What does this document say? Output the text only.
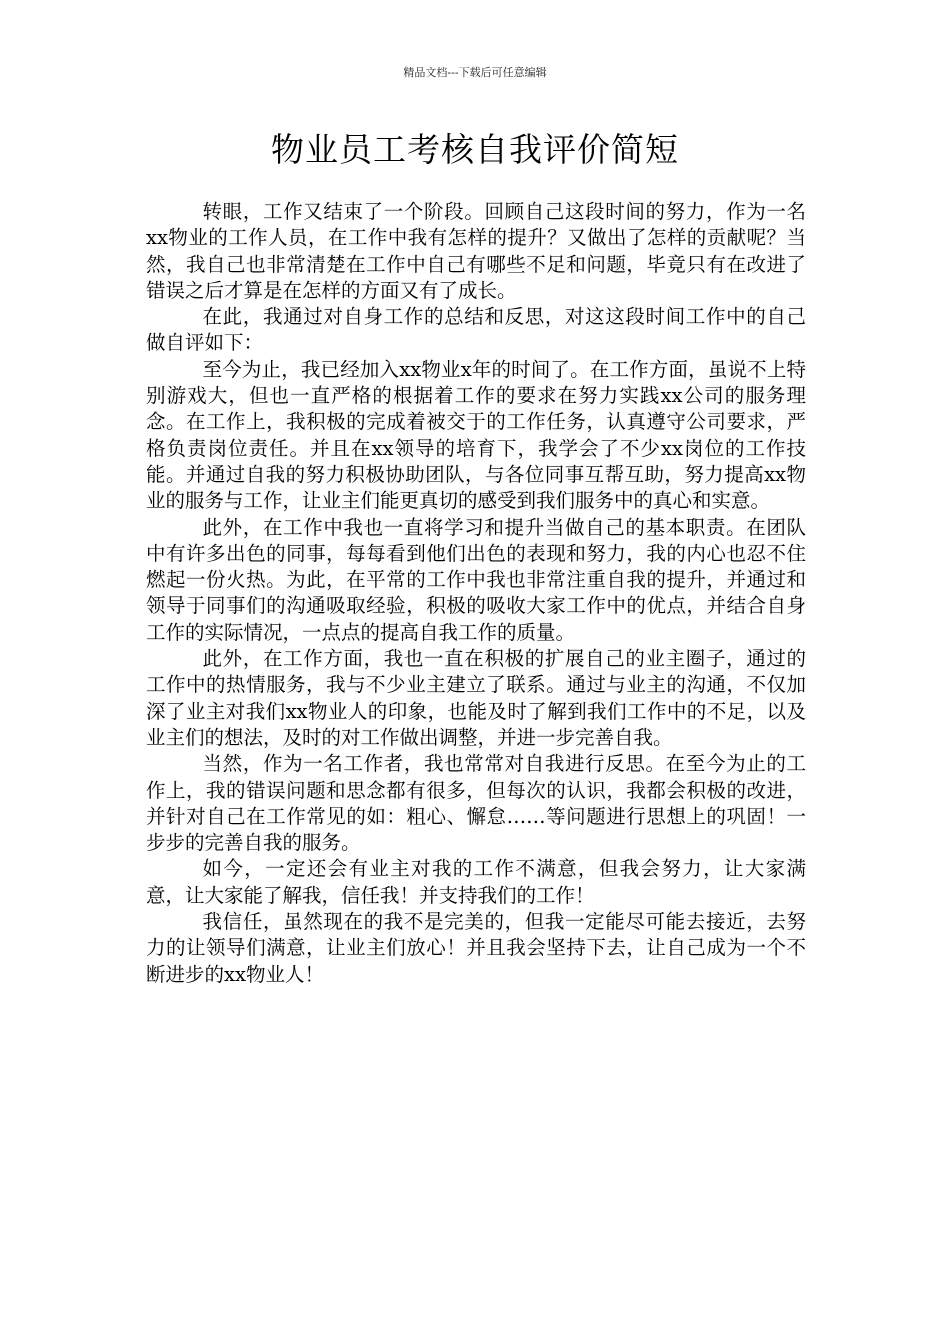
精品文档---下载后可任意编辑
物业员工考核自我评价简短

转眼，工作又结束了一个阶段。回顾自己这段时间的努力，作为一名xx物业的工作人员，在工作中我有怎样的提升？又做出了怎样的贡献呢？当然，我自己也非常清楚在工作中自己有哪些不足和问题，毕竟只有在改进了错误之后才算是在怎样的方面又有了成长。

在此，我通过对自身工作的总结和反思，对这这段时间工作中的自己做自评如下：

至今为止，我已经加入xx物业x年的时间了。在工作方面，虽说不上特别游戏大，但也一直严格的根据着工作的要求在努力实践xx公司的服务理念。在工作上，我积极的完成着被交于的工作任务，认真遵守公司要求，严格负责岗位责任。并且在xx领导的培育下，我学会了不少xx岗位的工作技能。并通过自我的努力积极协助团队，与各位同事互帮互助，努力提高xx物业的服务与工作，让业主们能更真切的感受到我们服务中的真心和实意。

此外，在工作中我也一直将学习和提升当做自己的基本职责。在团队中有许多出色的同事，每每看到他们出色的表现和努力，我的内心也忍不住燃起一份火热。为此，在平常的工作中我也非常注重自我的提升，并通过和领导于同事们的沟通吸取经验，积极的吸收大家工作中的优点，并结合自身工作的实际情况，一点点的提高自我工作的质量。

此外，在工作方面，我也一直在积极的扩展自己的业主圈子，通过的工作中的热情服务，我与不少业主建立了联系。通过与业主的沟通，不仅加深了业主对我们xx物业人的印象，也能及时了解到我们工作中的不足，以及业主们的想法，及时的对工作做出调整，并进一步完善自我。

当然，作为一名工作者，我也常常对自我进行反思。在至今为止的工作上，我的错误问题和思念都有很多，但每次的认识，我都会积极的改进，并针对自己在工作常见的如：粗心、懈怠……等问题进行思想上的巩固！一步步的完善自我的服务。

如今，一定还会有业主对我的工作不满意，但我会努力，让大家满意，让大家能了解我，信任我！并支持我们的工作！

我信任，虽然现在的我不是完美的，但我一定能尽可能去接近，去努力的让领导们满意，让业主们放心！并且我会坚持下去，让自己成为一个不断进步的xx物业人！
